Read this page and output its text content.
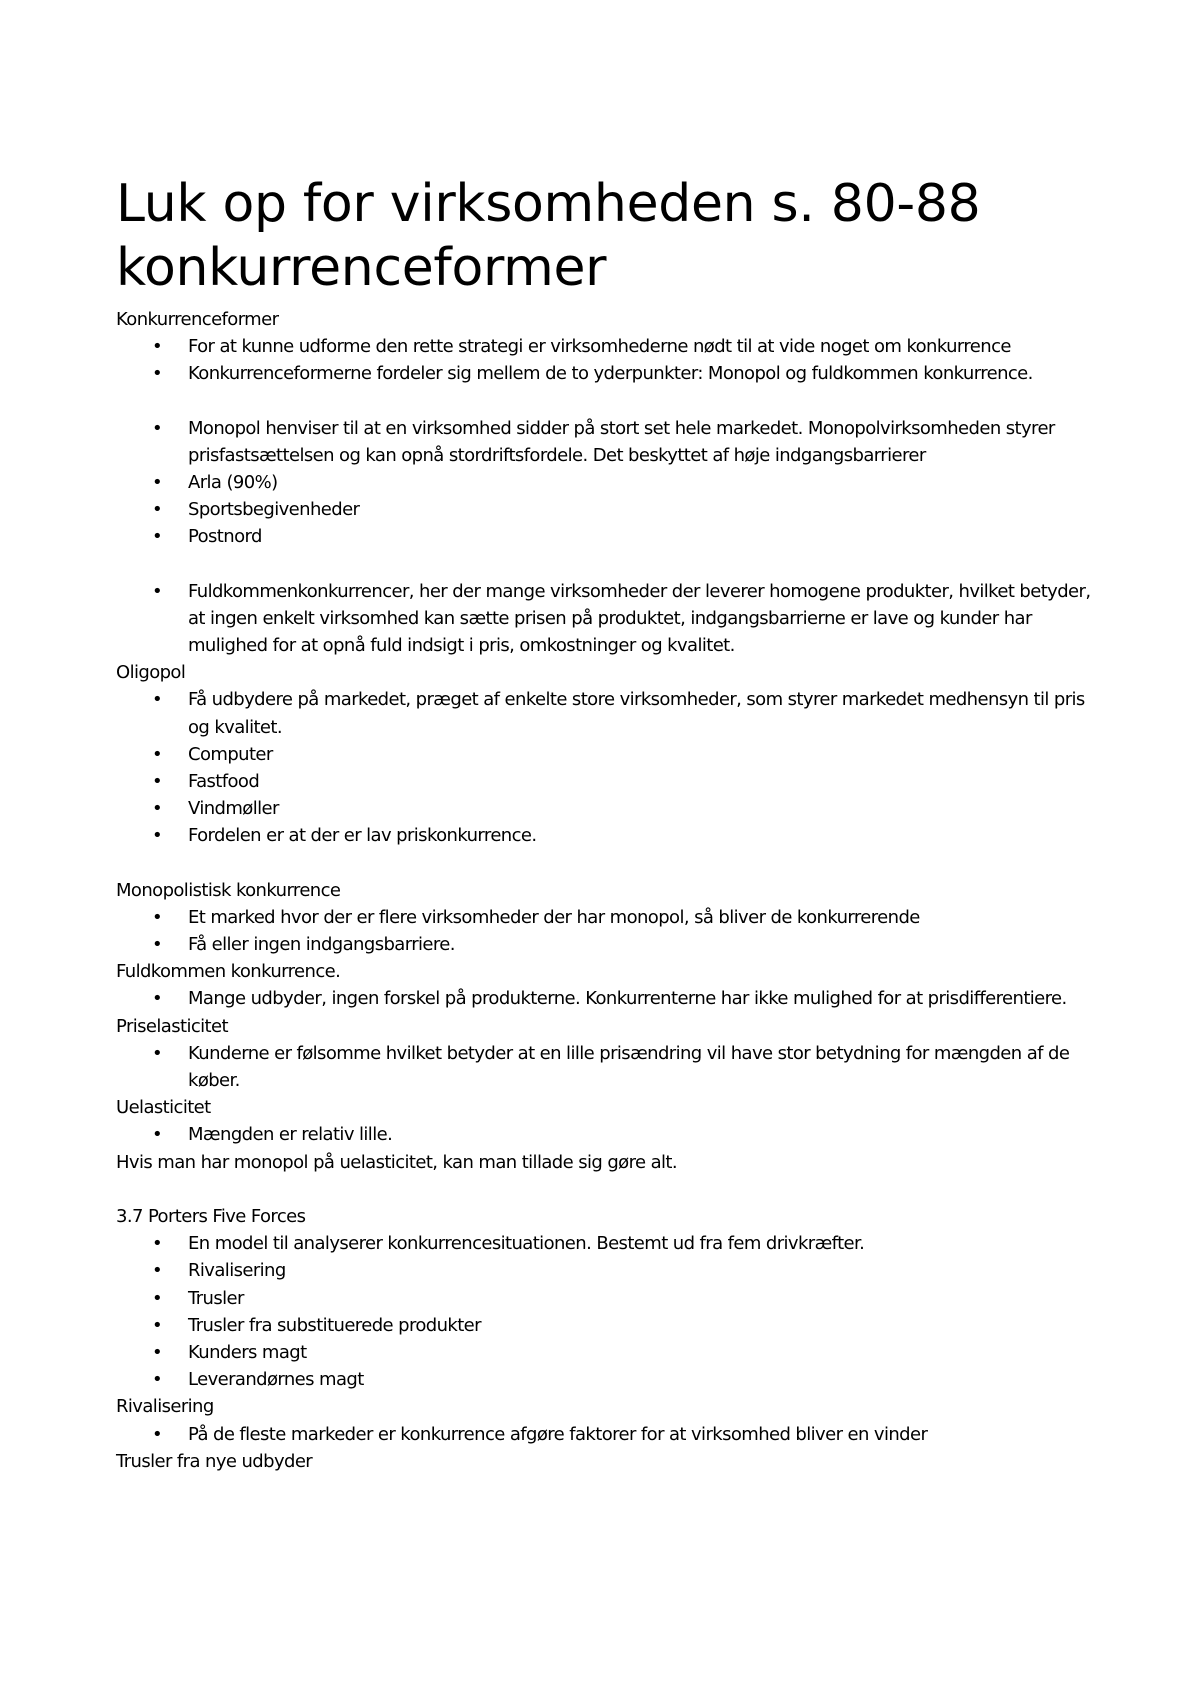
Luk op for virksomheden s. 80-88
konkurrenceformer

Konkurrenceformer

• For at kunne udforme den rette strategi er virksomhederne nødt til at vide noget om konkurrence
• Konkurrenceformerne fordeler sig mellem de to yderpunkter: Monopol og fuldkommen konkurrence.
• Monopol henviser til at en virksomhed sidder på stort set hele markedet. Monopolvirksomheden styrer prisfastsættelsen og kan opnå stordriftsfordele. Det beskyttet af høje indgangsbarrierer
• Arla (90%)
• Sportsbegivenheder
• Postnord
• Fuldkommenkonkurrencer, her der mange virksomheder der leverer homogene produkter, hvilket betyder, at ingen enkelt virksomhed kan sætte prisen på produktet, indgangsbarrierne er lave og kunder har mulighed for at opnå fuld indsigt i pris, omkostninger og kvalitet.

Oligopol

• Få udbydere på markedet, præget af enkelte store virksomheder, som styrer markedet medhensyn til pris og kvalitet.
• Computer
• Fastfood
• Vindmøller
• Fordelen er at der er lav priskonkurrence.

Monopolistisk konkurrence

• Et marked hvor der er flere virksomheder der har monopol, så bliver de konkurrerende
• Få eller ingen indgangsbarriere.

Fuldkommen konkurrence.

• Mange udbyder, ingen forskel på produkterne. Konkurrenterne har ikke mulighed for at prisdifferentiere.

Priselasticitet

• Kunderne er følsomme hvilket betyder at en lille prisændring vil have stor betydning for mængden af de køber.

Uelasticitet

• Mængden er relativ lille.

Hvis man har monopol på uelasticitet, kan man tillade sig gøre alt.

3.7 Porters Five Forces

• En model til analyserer konkurrencesituationen. Bestemt ud fra fem drivkræfter.
• Rivalisering
• Trusler
• Trusler fra substituerede produkter
• Kunders magt
• Leverandørnes magt

Rivalisering

• På de fleste markeder er konkurrence afgøre faktorer for at virksomhed bliver en vinder

Trusler fra nye udbyder
